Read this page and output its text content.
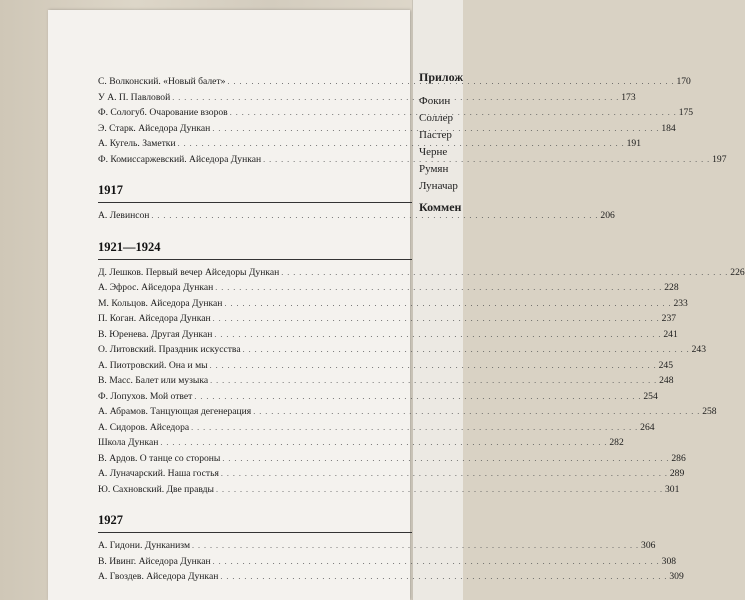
Прилож
Фокин
Соллер
Пастер
Черне
Румян
Луначар
Коммен
С. Волконский. «Новый балет» . . .	170
У А. П. Павловой . . .	173
Ф. Сологуб. Очарование взоров . . .	175
Э. Старк. Айседора Дункан . . .	184
А. Кугель. Заметки . . .	191
Ф. Комиссаржевский. Айседора Дункан . . .	197
1917
А. Левинсон . . .	206
1921—1924
Д. Лешков. Первый вечер Айседоры Дункан . . .	226
А. Эфрос. Айседора Дункан . . .	228
М. Кольцов. Айседора Дункан . . .	233
П. Коган. Айседора Дункан . . .	237
В. Юренева. Другая Дункан . . .	241
О. Литовский. Праздник искусства . . .	243
А. Пиотровский. Она и мы . . .	245
В. Масс. Балет или музыка . . .	248
Ф. Лопухов. Мой ответ . . .	254
А. Абрамов. Танцующая дегенерация . . .	258
А. Сидоров. Айседора . . .	264
Школа Дункан . . .	282
В. Ардов. О танце со стороны . . .	286
А. Луначарский. Наша гостья . . .	289
Ю. Сахновский. Две правды . . .	301
1927
А. Гидони. Дунканизм . . .	306
В. Ивинг. Айседора Дункан . . .	308
А. Гвоздев. Айседора Дункан . . .	309
